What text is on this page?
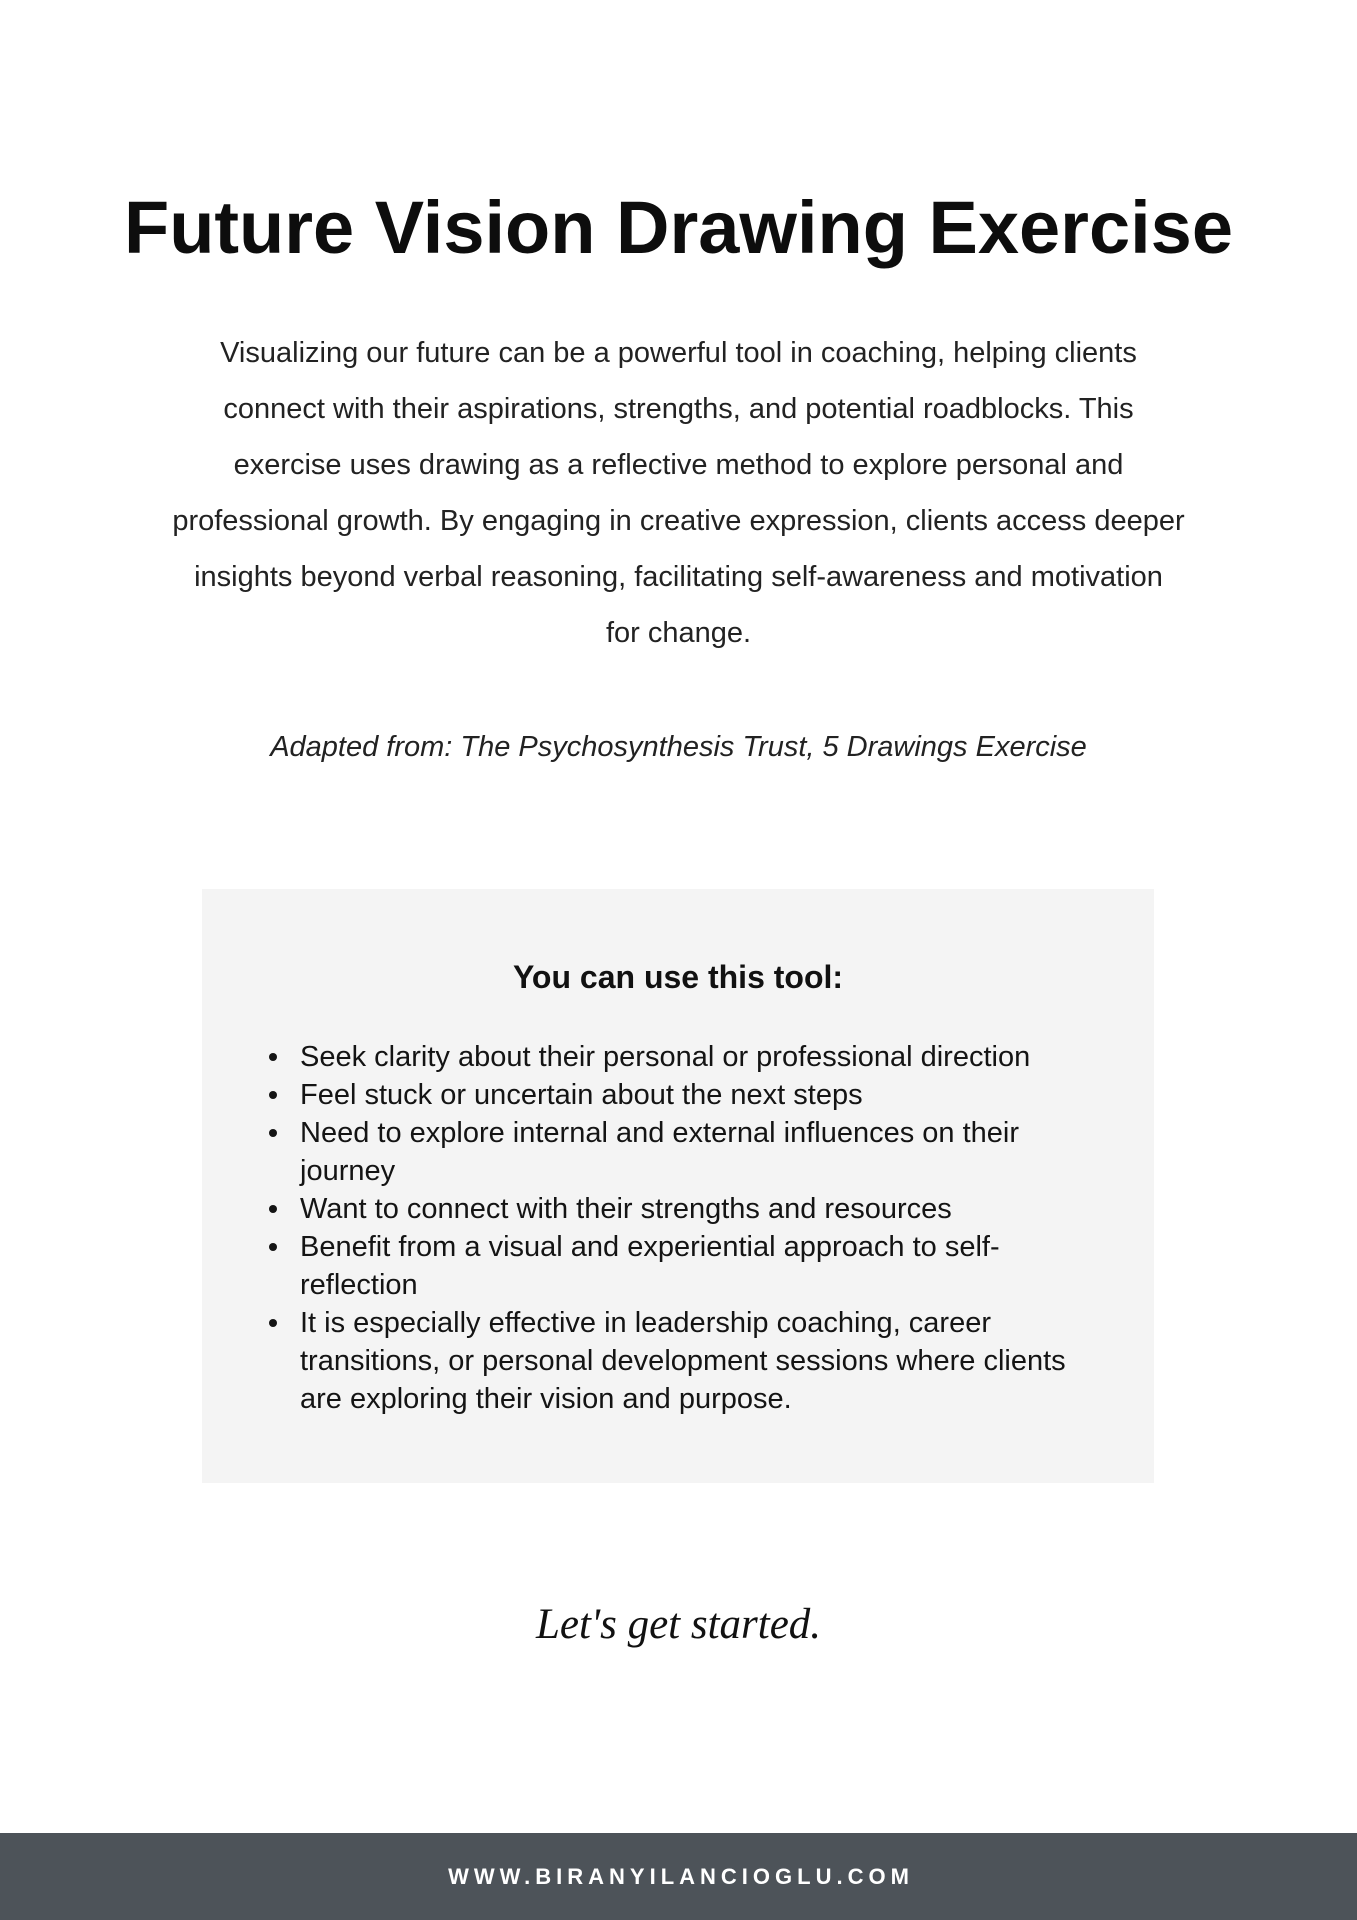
Future Vision Drawing Exercise
Visualizing our future can be a powerful tool in coaching, helping clients
connect with their aspirations, strengths, and potential roadblocks. This
exercise uses drawing as a reflective method to explore personal and
professional growth. By engaging in creative expression, clients access deeper
insights beyond verbal reasoning, facilitating self-awareness and motivation
for change.
Adapted from: The Psychosynthesis Trust, 5 Drawings Exercise
You can use this tool:
Seek clarity about their personal or professional direction
Feel stuck or uncertain about the next steps
Need to explore internal and external influences on their journey
Want to connect with their strengths and resources
Benefit from a visual and experiential approach to self-reflection
It is especially effective in leadership coaching, career transitions, or personal development sessions where clients are exploring their vision and purpose.
Let's get started.
WWW.BIRANYILANCIOGLU.COM
